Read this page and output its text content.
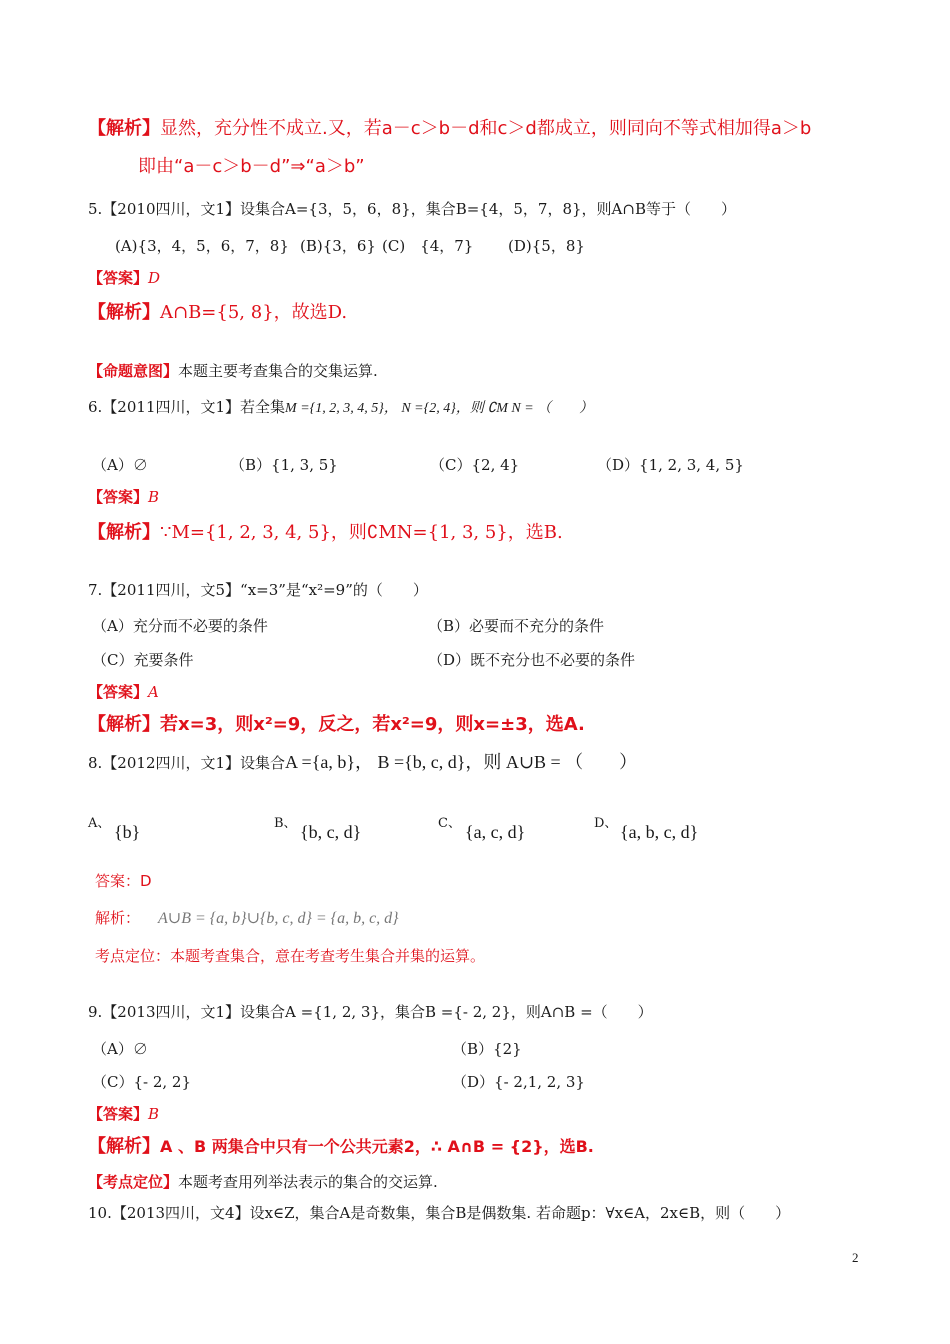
【解析】显然，充分性不成立.又，若a－c＞b－d和c＞d都成立，则同向不等式相加得a＞b
即由“a－c＞b－d”⇒“a＞b”
5.【2010四川，文1】设集合A={3，5，6，8}，集合B={4，5，7，8}，则A∩B等于（　　）
(A){3，4，5，6，7，8} (B){3，6} (C)　{4，7} (D){5，8}
【答案】D
【解析】A∩B={5, 8}，故选D.
【命题意图】本题主要考查集合的交集运算.
6.【2011四川，文1】若全集M ={1, 2, 3, 4, 5}， N ={2, 4}，则 ∁M N = （　　）
（A）∅	（B）{1, 3, 5}	（C）{2, 4}	（D）{1, 2, 3, 4, 5}
【答案】B
【解析】∵M={1, 2, 3, 4, 5}，则∁MN={1, 3, 5}，选B.
7.【2011四川，文5】“x=3”是“x²=9”的（　　）
（A）充分而不必要的条件	（B）必要而不充分的条件
（C）充要条件	（D）既不充分也不必要的条件
【答案】A
【解析】若x=3，则x²=9，反之，若x²=9，则x=±3，选A.
8.【2012四川，文1】设集合A ={a, b}， B ={b, c, d}，则 A∪B = （　　）
A、 {b}	B、 {b, c, d}	C、 {a, c, d}	D、 {a, b, c, d}
答案：D
解析： A∪B = {a, b}∪{b, c, d} = {a, b, c, d}
考点定位：本题考查集合，意在考查考生集合并集的运算。
9.【2013四川，文1】设集合A ={1, 2, 3}，集合B ={- 2, 2}，则A∩B =（　　）
（A）∅	（B）{2}
（C）{- 2, 2}	（D）{- 2,1, 2, 3}
【答案】B
【解析】A 、B 两集合中只有一个公共元素2，∴ A∩B = {2}，选B.
【考点定位】本题考查用列举法表示的集合的交运算.
10.【2013四川，文4】设x∈Z，集合A是奇数集，集合B是偶数集. 若命题p：∀x∈A，2x∈B，则（　　）
2
